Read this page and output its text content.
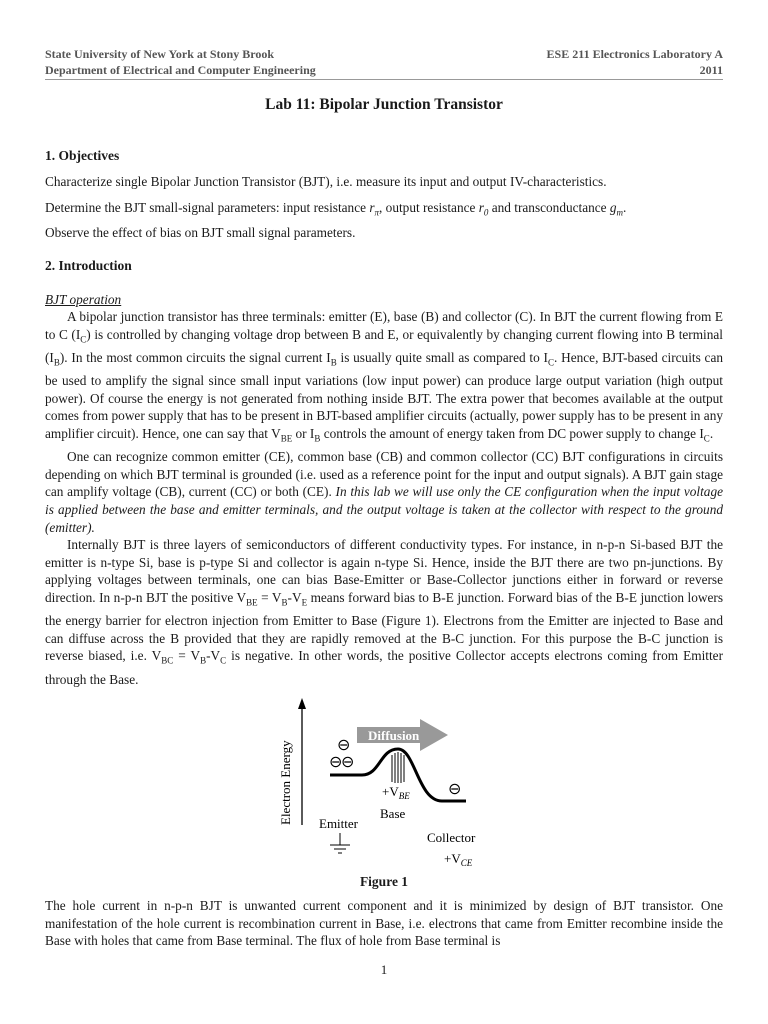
State University of New York at Stony Brook
Department of Electrical and Computer Engineering
ESE 211 Electronics Laboratory A
2011
Lab 11: Bipolar Junction Transistor
1. Objectives
Characterize single Bipolar Junction Transistor (BJT), i.e. measure its input and output IV-characteristics.
Determine the BJT small-signal parameters: input resistance $r_\pi$, output resistance $r_0$ and transconductance $g_m$.
Observe the effect of bias on BJT small signal parameters.
2. Introduction
BJT operation
A bipolar junction transistor has three terminals: emitter (E), base (B) and collector (C). In BJT the current flowing from E to C $(I_C)$ is controlled by changing voltage drop between B and E, or equivalently by changing current flowing into B terminal $(I_B)$. In the most common circuits the signal current $I_B$ is usually quite small as compared to $I_C$. Hence, BJT-based circuits can be used to amplify the signal since small input variations (low input power) can produce large output variation (high output power). Of course the energy is not generated from nothing inside BJT. The extra power that becomes available at the output comes from power supply that has to be present in BJT-based amplifier circuits (actually, power supply has to be present in any amplifier circuit). Hence, one can say that $V_{BE}$ or $I_B$ controls the amount of energy taken from DC power supply to change $I_C$.
One can recognize common emitter (CE), common base (CB) and common collector (CC) BJT configurations in circuits depending on which BJT terminal is grounded (i.e. used as a reference point for the input and output signals). A BJT gain stage can amplify voltage (CB), current (CC) or both (CE). In this lab we will use only the CE configuration when the input voltage is applied between the base and emitter terminals, and the output voltage is taken at the collector with respect to the ground (emitter).
Internally BJT is three layers of semiconductors of different conductivity types. For instance, in n-p-n Si-based BJT the emitter is n-type Si, base is p-type Si and collector is again n-type Si. Hence, inside the BJT there are two pn-junctions. By applying voltages between terminals, one can bias Base-Emitter or Base-Collector junctions either in forward or reverse direction. In n-p-n BJT the positive $V_{BE} = V_B-V_E$ means forward bias to B-E junction. Forward bias of the B-E junction lowers the energy barrier for electron injection from Emitter to Base (Figure 1). Electrons from the Emitter are injected to Base and can diffuse across the B provided that they are rapidly removed at the B-C junction. For this purpose the B-C junction is reverse biased, i.e. $V_{BC} = V_B-V_C$ is negative. In other words, the positive Collector accepts electrons coming from Emitter through the Base.
Electron Energy
Diffusion
⊖
⊖
⊖
⊖
$+V_{BE}$
Base
Emitter
Collector
$+V_{CE}$
Figure 1
The hole current in n-p-n BJT is unwanted current component and it is minimized by design of BJT transistor. One manifestation of the hole current is recombination current in Base, i.e. electrons that came from Emitter recombine inside the Base with holes that came from Base terminal. The flux of hole from Base terminal is
1
